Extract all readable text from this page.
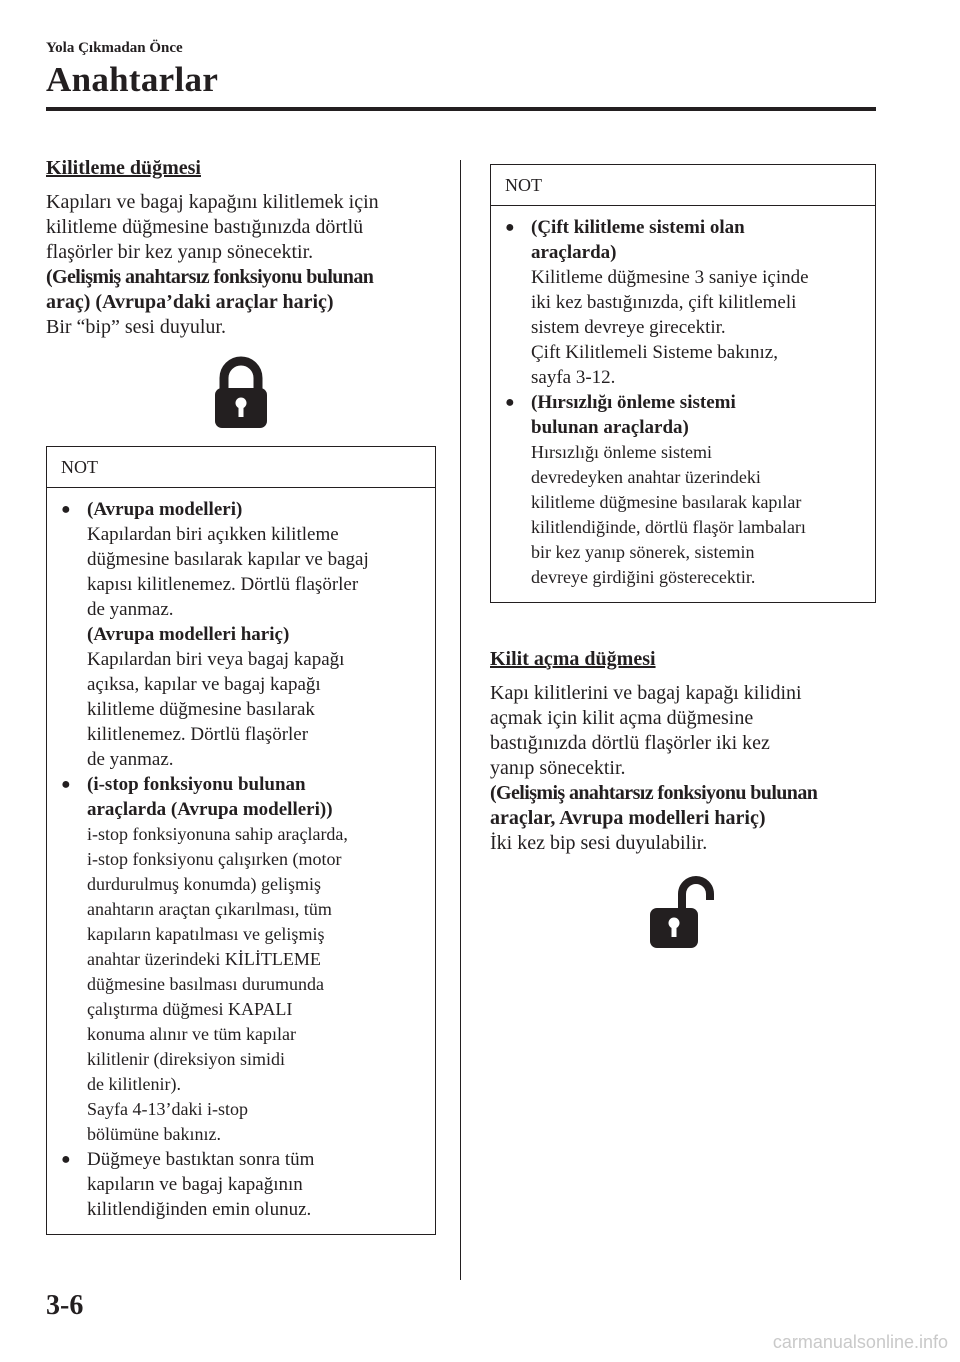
Yola Çıkmadan Önce
Anahtarlar
Kilitleme düğmesi
Kapıları ve bagaj kapağını kilitlemek için
kilitleme düğmesine bastığınızda dörtlü
flaşörler bir kez yanıp sönecektir.
(Gelişmiş anahtarsız fonksiyonu bulunan
araç) (Avrupa’daki araçlar hariç)
Bir “bip” sesi duyulur.
NOT
● (Avrupa modelleri)
Kapılardan biri açıkken kilitleme
düğmesine basılarak kapılar ve bagaj
kapısı kilitlenemez. Dörtlü flaşörler
de yanmaz.
(Avrupa modelleri hariç)
Kapılardan biri veya bagaj kapağı
açıksa, kapılar ve bagaj kapağı
kilitleme düğmesine basılarak
kilitlenemez. Dörtlü flaşörler
de yanmaz.
● (i-stop fonksiyonu bulunan
araçlarda (Avrupa modelleri))
i-stop fonksiyonuna sahip araçlarda,
i-stop fonksiyonu çalışırken (motor
durdurulmuş konumda) gelişmiş
anahtarın araçtan çıkarılması, tüm
kapıların kapatılması ve gelişmiş
anahtar üzerindeki KİLİTLEME
düğmesine basılması durumunda
çalıştırma düğmesi KAPALI
konuma alınır ve tüm kapılar
kilitlenir (direksiyon simidi
de kilitlenir).
Sayfa 4-13’daki i-stop
bölümüne bakınız.
● Düğmeye bastıktan sonra tüm
kapıların ve bagaj kapağının
kilitlendiğinden emin olunuz.
NOT
● (Çift kilitleme sistemi olan
araçlarda)
Kilitleme düğmesine 3 saniye içinde
iki kez bastığınızda, çift kilitlemeli
sistem devreye girecektir.
Çift Kilitlemeli Sisteme bakınız,
sayfa 3-12.
● (Hırsızlığı önleme sistemi
bulunan araçlarda)
Hırsızlığı önleme sistemi
devredeyken anahtar üzerindeki
kilitleme düğmesine basılarak kapılar
kilitlendiğinde, dörtlü flaşör lambaları
bir kez yanıp sönerek, sistemin
devreye girdiğini gösterecektir.
Kilit açma düğmesi
Kapı kilitlerini ve bagaj kapağı kilidini
açmak için kilit açma düğmesine
bastığınızda dörtlü flaşörler iki kez
yanıp sönecektir.
(Gelişmiş anahtarsız fonksiyonu bulunan
araçlar, Avrupa modelleri hariç)
İki kez bip sesi duyulabilir.
3-6
carmanualsonline.info
